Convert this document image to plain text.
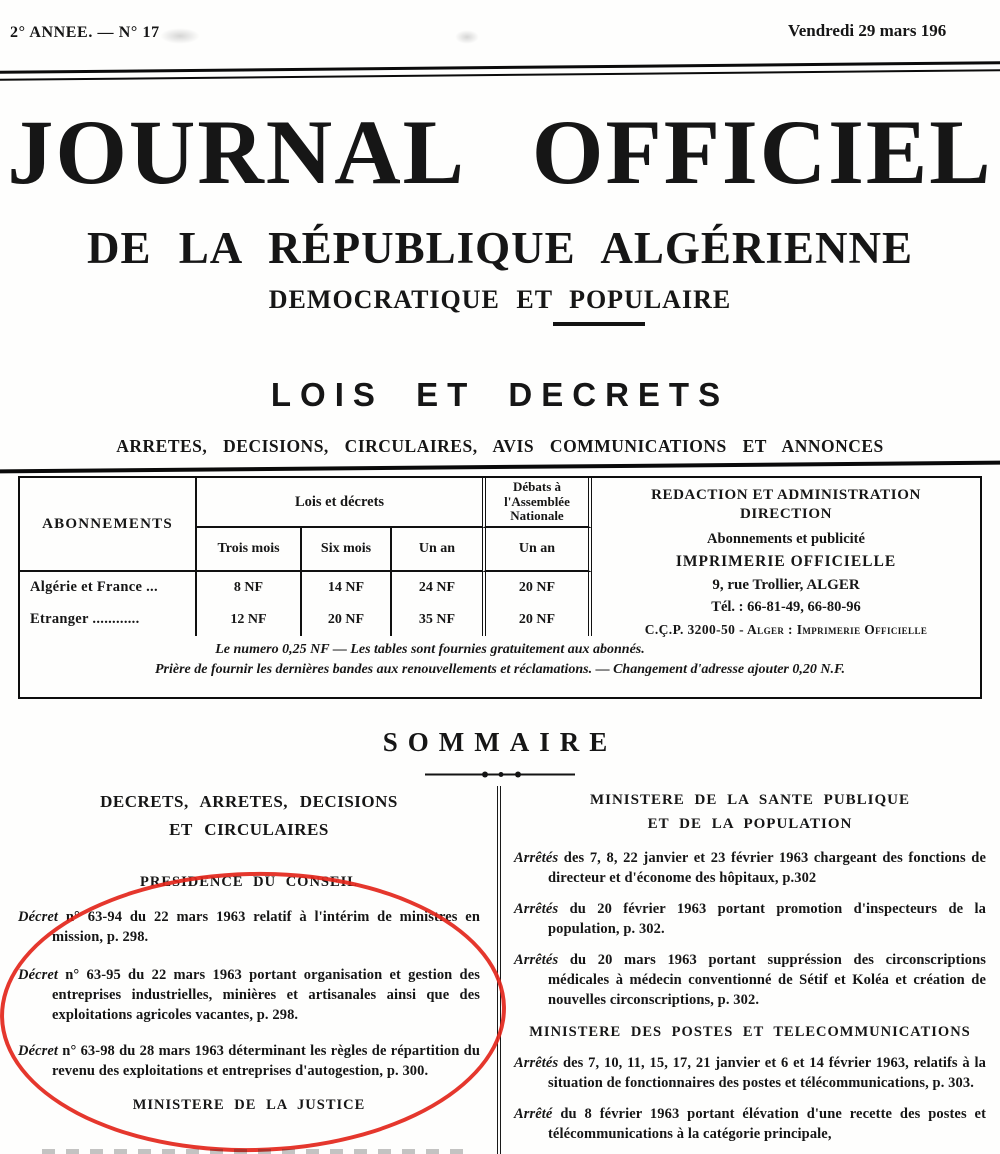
2° ANNEE. — N° 17	Vendredi 29 mars 196
JOURNAL OFFICIEL
DE LA RÉPUBLIQUE ALGÉRIENNE
DEMOCRATIQUE ET POPULAIRE
LOIS ET DECRETS
ARRETES, DECISIONS, CIRCULAIRES, AVIS COMMUNICATIONS ET ANNONCES
ABONNEMENTS
Lois et décrets
Débats à l'Assemblée Nationale
REDACTION ET ADMINISTRATION
DIRECTION
Abonnements et publicité
IMPRIMERIE OFFICIELLE
9, rue Trollier, ALGER
Tél. : 66-81-49, 66-80-96
C.Ç.P. 3200-50 - Alger : Imprimerie Officielle
Trois mois	Six mois	Un an	Un an
Algérie et France ...	8 NF	14 NF	24 NF	20 NF
Etranger ............	12 NF	20 NF	35 NF	20 NF
Le numero 0,25 NF — Les tables sont fournies gratuitement aux abonnés.
Prière de fournir les dernières bandes aux renouvellements et réclamations. — Changement d'adresse ajouter 0,20 N.F.
SOMMAIRE

DECRETS, ARRETES, DECISIONS

ET CIRCULAIRES

PRESIDENCE DU CONSEIL

Décret n° 63-94 du 22 mars 1963 relatif à l'intérim de ministres en mission, p. 298.

Décret n° 63-95 du 22 mars 1963 portant organisation et gestion des entreprises industrielles, minières et artisanales ainsi que des exploitations agricoles vacantes, p. 298.

Décret n° 63-98 du 28 mars 1963 déterminant les règles de répartition du revenu des exploitations et entreprises d'autogestion, p. 300.

MINISTERE DE LA JUSTICE

MINISTERE DE LA SANTE PUBLIQUE

ET DE LA POPULATION

Arrêtés des 7, 8, 22 janvier et 23 février 1963 chargeant des fonctions de directeur et d'économe des hôpitaux, p.302

Arrêtés du 20 février 1963 portant promotion d'inspecteurs de la population, p. 302.

Arrêtés du 20 mars 1963 portant suppréssion des circonscriptions médicales à médecin conventionné de Sétif et Koléa et création de nouvelles circonscriptions, p. 302.

MINISTERE DES POSTES ET TELECOMMUNICATIONS

Arrêtés des 7, 10, 11, 15, 17, 21 janvier et 6 et 14 février 1963, relatifs à la situation de fonctionnaires des postes et télécommunications, p. 303.

Arrêté du 8 février 1963 portant élévation d'une recette des postes et télécommunications à la catégorie principale,
